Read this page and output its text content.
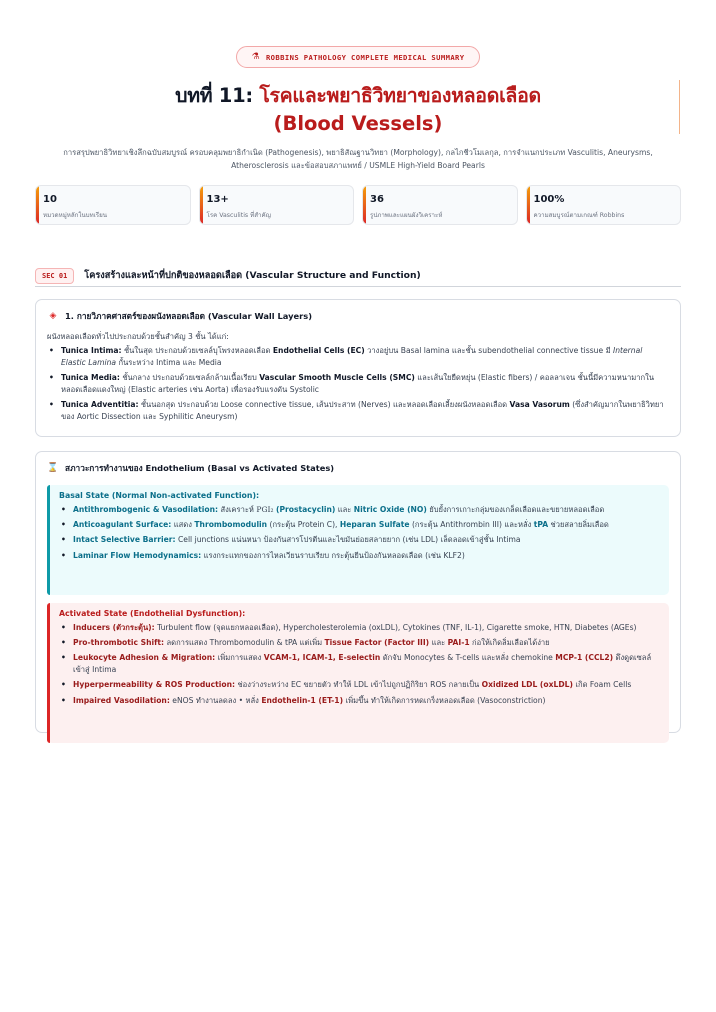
⚗ ROBBINS PATHOLOGY COMPLETE MEDICAL SUMMARY
บทที่ 11: โรคและพยาธิวิทยาของหลอดเลือด
(Blood Vessels)
การสรุปพยาธิวิทยาเชิงลึกฉบับสมบูรณ์ ครอบคลุมพยาธิกำเนิด (Pathogenesis), พยาธิสัณฐานวิทยา (Morphology), กลไกชีวโมเลกุล, การจำแนกประเภท Vasculitis, Aneurysms, Atherosclerosis และข้อสอบสภาแพทย์ / USMLE High-Yield Board Pearls
10
หมวดหมู่หลักในบทเรียน
13+
โรค Vasculitis ที่สำคัญ
36
รูปภาพและแผนผังวิเคราะห์
100%
ความสมบูรณ์ตามเกณฑ์ Robbins
SEC 01	โครงสร้างและหน้าที่ปกติของหลอดเลือด (Vascular Structure and Function)
◈	1. กายวิภาคศาสตร์ของผนังหลอดเลือด (Vascular Wall Layers)
ผนังหลอดเลือดทั่วไปประกอบด้วยชั้นสำคัญ 3 ชั้น ได้แก่:
• Tunica Intima: ชั้นในสุด ประกอบด้วยเซลล์บุโพรงหลอดเลือด Endothelial Cells (EC) วางอยู่บน Basal lamina และชั้น subendothelial connective tissue มี Internal Elastic Lamina กั้นระหว่าง Intima และ Media
• Tunica Media: ชั้นกลาง ประกอบด้วยเซลล์กล้ามเนื้อเรียบ Vascular Smooth Muscle Cells (SMC) และเส้นใยยืดหยุ่น (Elastic fibers) / คอลลาเจน ชั้นนี้มีความหนามากในหลอดเลือดแดงใหญ่ (Elastic arteries เช่น Aorta) เพื่อรองรับแรงดัน Systolic
• Tunica Adventitia: ชั้นนอกสุด ประกอบด้วย Loose connective tissue, เส้นประสาท (Nerves) และหลอดเลือดเลี้ยงผนังหลอดเลือด Vasa Vasorum (ซึ่งสำคัญมากในพยาธิวิทยาของ Aortic Dissection และ Syphilitic Aneurysm)
⌛ สภาวะการทำงานของ Endothelium (Basal vs Activated States)
Basal State (Normal Non-activated Function):
• Antithrombogenic & Vasodilation: สังเคราะห์ PGI₂ (Prostacyclin) และ Nitric Oxide (NO) ยับยั้งการเกาะกลุ่มของเกล็ดเลือดและขยายหลอดเลือด
• Anticoagulant Surface: แสดง Thrombomodulin (กระตุ้น Protein C), Heparan Sulfate (กระตุ้น Antithrombin III) และหลั่ง tPA ช่วยสลายลิ่มเลือด
• Intact Selective Barrier: Cell junctions แน่นหนา ป้องกันสารโปรตีนและไขมันย่อยสลายยาก (เช่น LDL) เล็ดลอดเข้าสู่ชั้น Intima
• Laminar Flow Hemodynamics: แรงกระแทกของการไหลเวียนราบเรียบ กระตุ้นยีนป้องกันหลอดเลือด (เช่น KLF2)
Activated State (Endothelial Dysfunction):
• Inducers (ตัวกระตุ้น): Turbulent flow (จุดแยกหลอดเลือด), Hypercholesterolemia (oxLDL), Cytokines (TNF, IL-1), Cigarette smoke, HTN, Diabetes (AGEs)
• Pro-thrombotic Shift: ลดการแสดง Thrombomodulin & tPA แต่เพิ่ม Tissue Factor (Factor III) และ PAI-1 ก่อให้เกิดลิ่มเลือดได้ง่าย
• Leukocyte Adhesion & Migration: เพิ่มการแสดง VCAM-1, ICAM-1, E-selectin ดักจับ Monocytes & T-cells และหลั่ง chemokine MCP-1 (CCL2) ดึงดูดเซลล์เข้าสู่ Intima
• Hyperpermeability & ROS Production: ช่องว่างระหว่าง EC ขยายตัว ทำให้ LDL เข้าไปถูกปฏิกิริยา ROS กลายเป็น Oxidized LDL (oxLDL) เกิด Foam Cells
• Impaired Vasodilation: eNOS ทำงานลดลง • หลั่ง Endothelin-1 (ET-1) เพิ่มขึ้น ทำให้เกิดการหดเกร็งหลอดเลือด (Vasoconstriction)
